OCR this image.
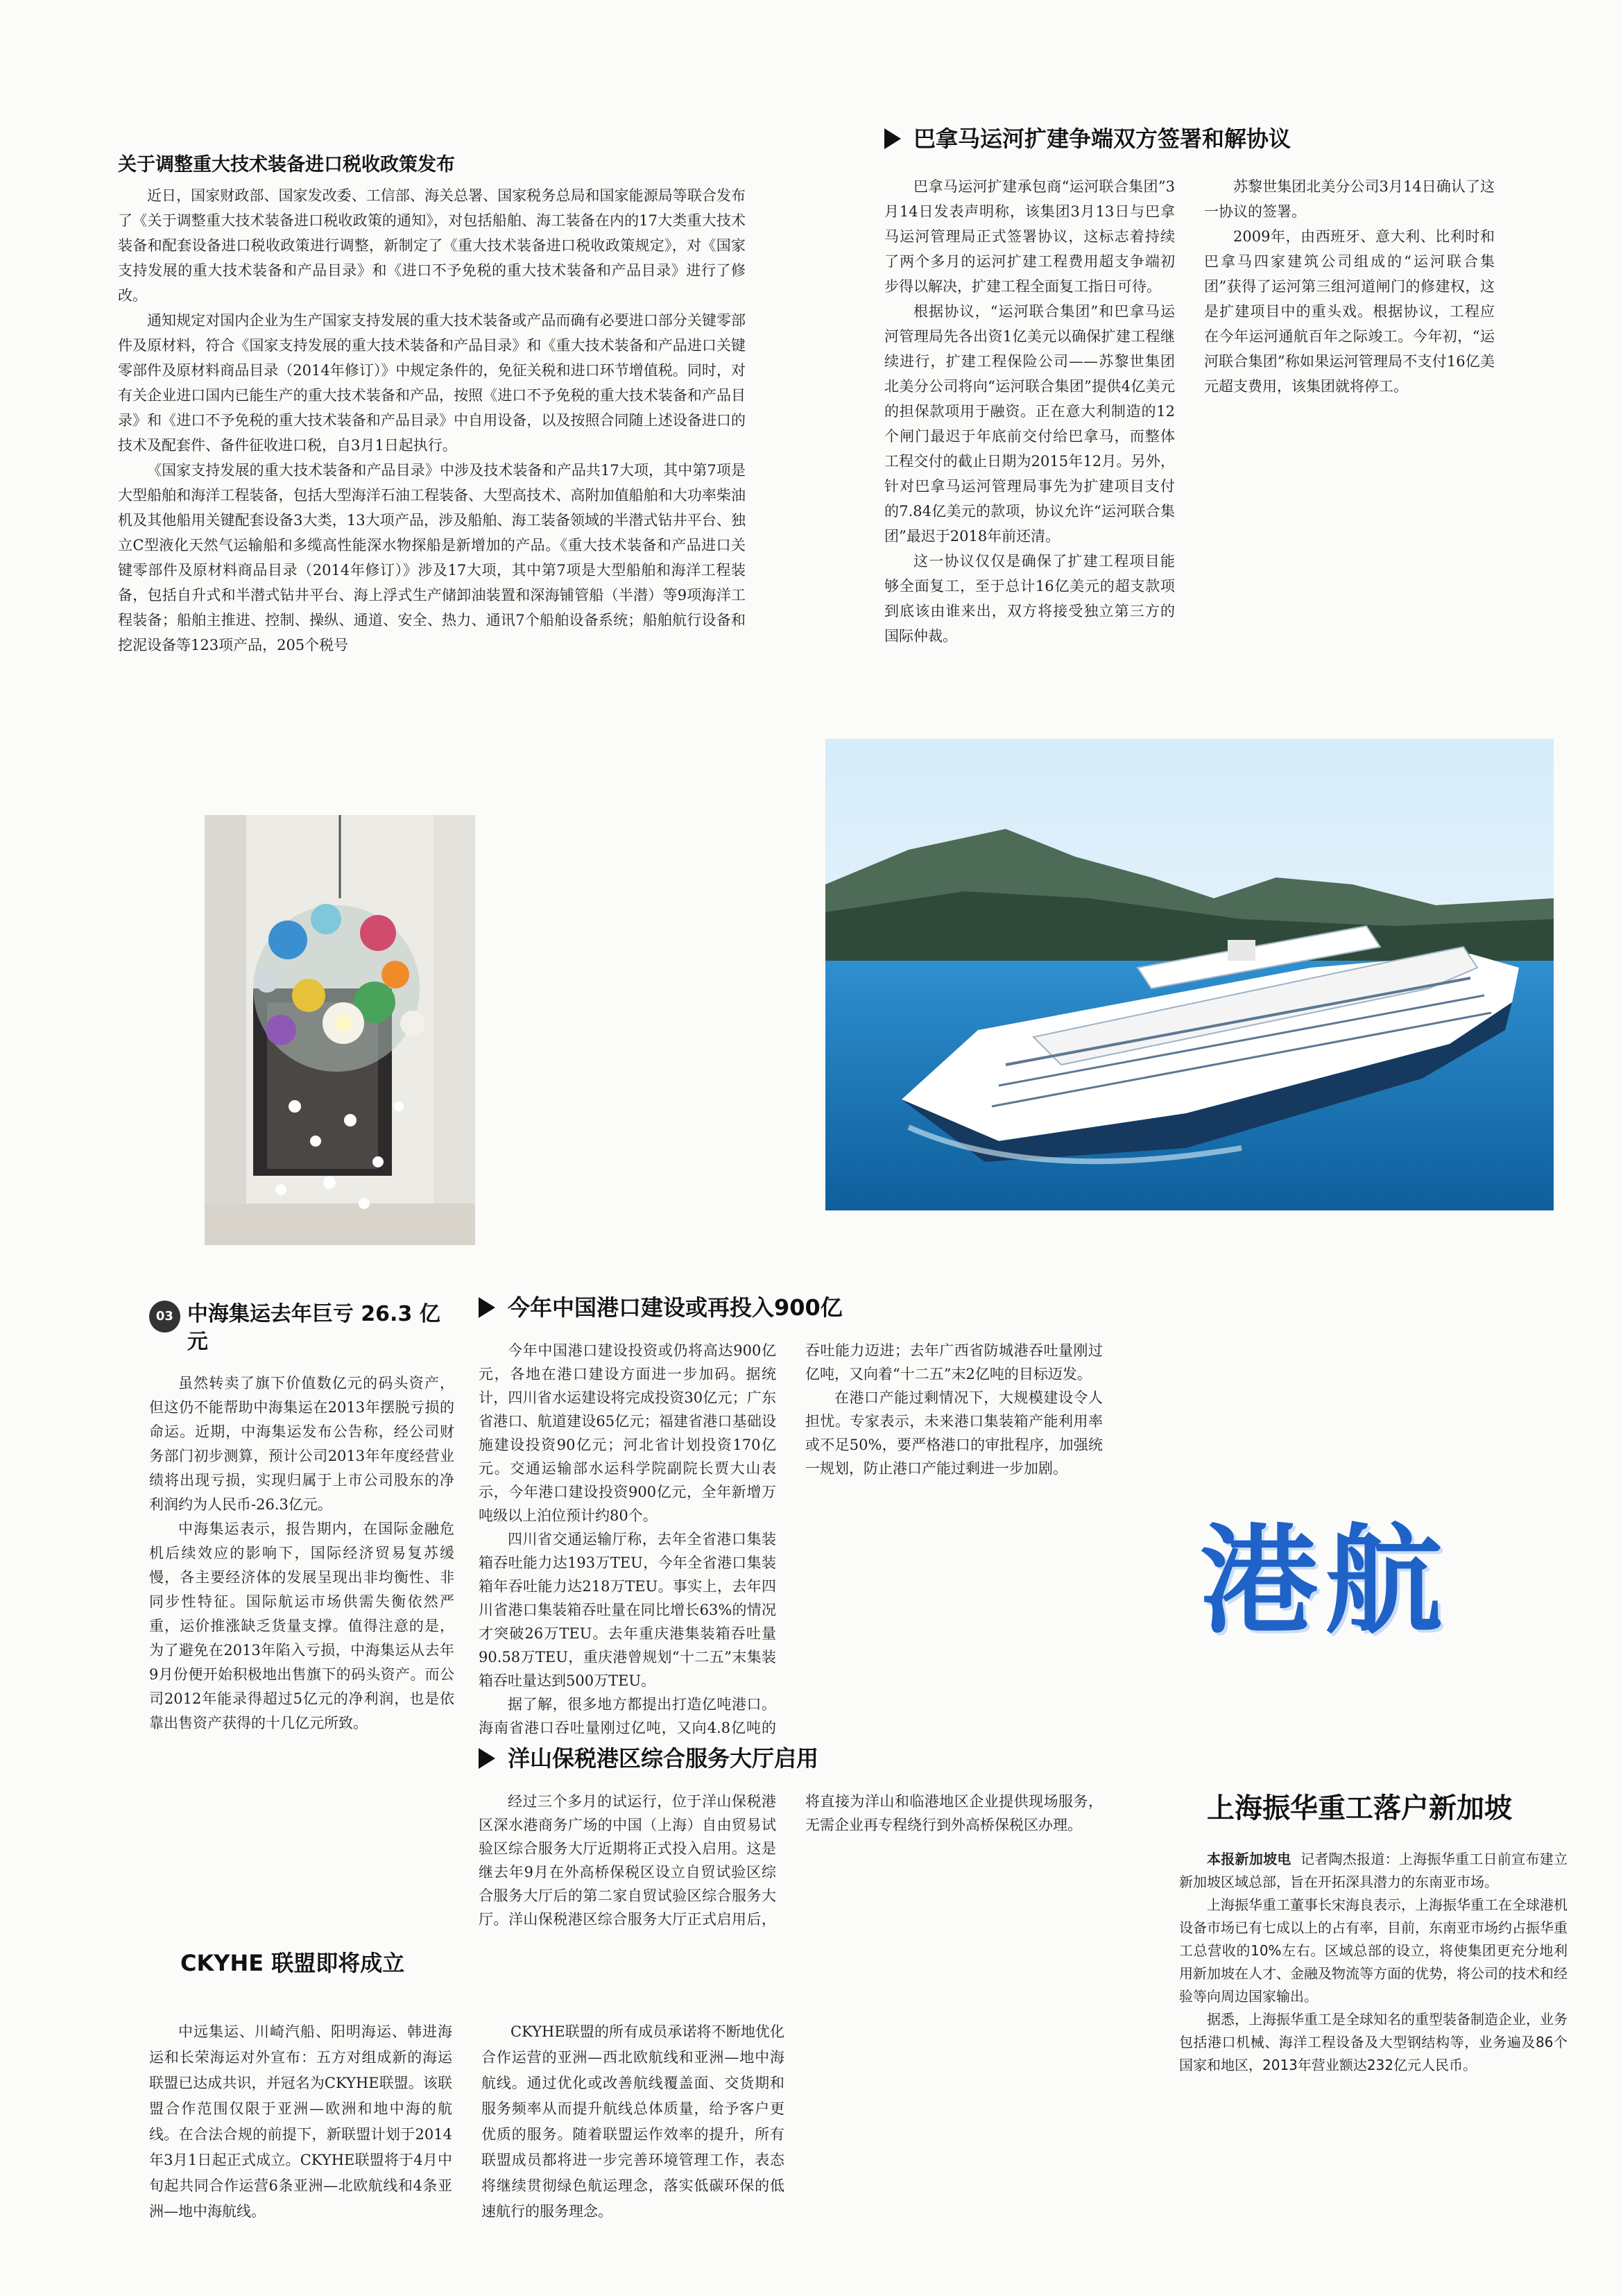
关于调整重大技术装备进口税收政策发布

近日，国家财政部、国家发改委、工信部、海关总署、国家税务总局和国家能源局等联合发布了《关于调整重大技术装备进口税收政策的通知》，对包括船舶、海工装备在内的17大类重大技术装备和配套设备进口税收政策进行调整，新制定了《重大技术装备进口税收政策规定》，对《国家支持发展的重大技术装备和产品目录》和《进口不予免税的重大技术装备和产品目录》进行了修改。

通知规定对国内企业为生产国家支持发展的重大技术装备或产品而确有必要进口部分关键零部件及原材料，符合《国家支持发展的重大技术装备和产品目录》和《重大技术装备和产品进口关键零部件及原材料商品目录（2014年修订）》中规定条件的，免征关税和进口环节增值税。同时，对有关企业进口国内已能生产的重大技术装备和产品，按照《进口不予免税的重大技术装备和产品目录》和《进口不予免税的重大技术装备和产品目录》中自用设备，以及按照合同随上述设备进口的技术及配套件、备件征收进口税，自3月1日起执行。

《国家支持发展的重大技术装备和产品目录》中涉及技术装备和产品共17大项，其中第7项是大型船舶和海洋工程装备，包括大型海洋石油工程装备、大型高技术、高附加值船舶和大功率柴油机及其他船用关键配套设备3大类，13大项产品，涉及船舶、海工装备领域的半潜式钻井平台、独立C型液化天然气运输船和多缆高性能深水物探船是新增加的产品。《重大技术装备和产品进口关键零部件及原材料商品目录（2014年修订）》涉及17大项，其中第7项是大型船舶和海洋工程装备，包括自升式和半潜式钻井平台、海上浮式生产储卸油装置和深海铺管船（半潜）等9项海洋工程装备；船舶主推进、控制、操纵、通道、安全、热力、通讯7个船舶设备系统；船舶航行设备和挖泥设备等123项产品，205个税号

巴拿马运河扩建争端双方签署和解协议

巴拿马运河扩建承包商“运河联合集团”3月14日发表声明称，该集团3月13日与巴拿马运河管理局正式签署协议，这标志着持续了两个多月的运河扩建工程费用超支争端初步得以解决，扩建工程全面复工指日可待。

根据协议，“运河联合集团”和巴拿马运河管理局先各出资1亿美元以确保扩建工程继续进行，扩建工程保险公司——苏黎世集团北美分公司将向“运河联合集团”提供4亿美元的担保款项用于融资。正在意大利制造的12个闸门最迟于年底前交付给巴拿马，而整体工程交付的截止日期为2015年12月。另外，针对巴拿马运河管理局事先为扩建项目支付的7.84亿美元的款项，协议允许“运河联合集团”最迟于2018年前还清。

这一协议仅仅是确保了扩建工程项目能够全面复工，至于总计16亿美元的超支款项到底该由谁来出，双方将接受独立第三方的国际仲裁。

苏黎世集团北美分公司3月14日确认了这一协议的签署。

2009年，由西班牙、意大利、比利时和巴拿马四家建筑公司组成的“运河联合集团”获得了运河第三组河道闸门的修建权，这是扩建项目中的重头戏。根据协议，工程应在今年运河通航百年之际竣工。今年初，“运河联合集团”称如果运河管理局不支付16亿美元超支费用，该集团就将停工。

03 中海集运去年巨亏 26.3 亿元

虽然转卖了旗下价值数亿元的码头资产，但这仍不能帮助中海集运在2013年摆脱亏损的命运。近期，中海集运发布公告称，经公司财务部门初步测算，预计公司2013年年度经营业绩将出现亏损，实现归属于上市公司股东的净利润约为人民币-26.3亿元。

中海集运表示，报告期内，在国际金融危机后续效应的影响下，国际经济贸易复苏缓慢，各主要经济体的发展呈现出非均衡性、非同步性特征。国际航运市场供需失衡依然严重，运价推涨缺乏货量支撑。值得注意的是，为了避免在2013年陷入亏损，中海集运从去年9月份便开始积极地出售旗下的码头资产。而公司2012年能录得超过5亿元的净利润，也是依靠出售资产获得的十几亿元所致。

今年中国港口建设或再投入900亿

今年中国港口建设投资或仍将高达900亿元，各地在港口建设方面进一步加码。据统计，四川省水运建设将完成投资30亿元；广东省港口、航道建设65亿元；福建省港口基础设施建设投资90亿元；河北省计划投资170亿元。交通运输部水运科学院副院长贾大山表示，今年港口建设投资900亿元，全年新增万吨级以上泊位预计约80个。

四川省交通运输厅称，去年全省港口集装箱吞吐能力达193万TEU，今年全省港口集装箱年吞吐能力达218万TEU。事实上，去年四川省港口集装箱吞吐量在同比增长63%的情况才突破26万TEU。去年重庆港集装箱吞吐量90.58万TEU，重庆港曾规划“十二五”末集装箱吞吐量达到500万TEU。

据了解，很多地方都提出打造亿吨港口。海南省港口吞吐量刚过亿吨，又向4.8亿吨的吞吐能力迈进；去年广西省防城港吞吐量刚过亿吨，又向着“十二五”末2亿吨的目标迈发。

在港口产能过剩情况下，大规模建设令人担忧。专家表示，未来港口集装箱产能利用率或不足50%，要严格港口的审批程序，加强统一规划，防止港口产能过剩进一步加剧。

港航
洋山保税港区综合服务大厅启用

经过三个多月的试运行，位于洋山保税港区深水港商务广场的中国（上海）自由贸易试验区综合服务大厅近期将正式投入启用。这是继去年9月在外高桥保税区设立自贸试验区综合服务大厅后的第二家自贸试验区综合服务大厅。洋山保税港区综合服务大厅正式启用后，将直接为洋山和临港地区企业提供现场服务，无需企业再专程绕行到外高桥保税区办理。

CKYHE 联盟即将成立

中远集运、川崎汽船、阳明海运、韩进海运和长荣海运对外宣布：五方对组成新的海运联盟已达成共识，并冠名为CKYHE联盟。该联盟合作范围仅限于亚洲—欧洲和地中海的航线。在合法合规的前提下，新联盟计划于2014年3月1日起正式成立。CKYHE联盟将于4月中旬起共同合作运营6条亚洲—北欧航线和4条亚洲—地中海航线。

CKYHE联盟的所有成员承诺将不断地优化合作运营的亚洲—西北欧航线和亚洲—地中海航线。通过优化或改善航线覆盖面、交货期和服务频率从而提升航线总体质量，给予客户更优质的服务。随着联盟运作效率的提升，所有联盟成员都将进一步完善环境管理工作，表态将继续贯彻绿色航运理念，落实低碳环保的低速航行的服务理念。

上海振华重工落户新加坡

本报新加坡电 记者陶杰报道：上海振华重工日前宣布建立新加坡区域总部，旨在开拓深具潜力的东南亚市场。

上海振华重工董事长宋海良表示，上海振华重工在全球港机设备市场已有七成以上的占有率，目前，东南亚市场约占振华重工总营收的10%左右。区域总部的设立，将使集团更充分地利用新加坡在人才、金融及物流等方面的优势，将公司的技术和经验等向周边国家输出。

据悉，上海振华重工是全球知名的重型装备制造企业，业务包括港口机械、海洋工程设备及大型钢结构等，业务遍及86个国家和地区，2013年营业额达232亿元人民币。
